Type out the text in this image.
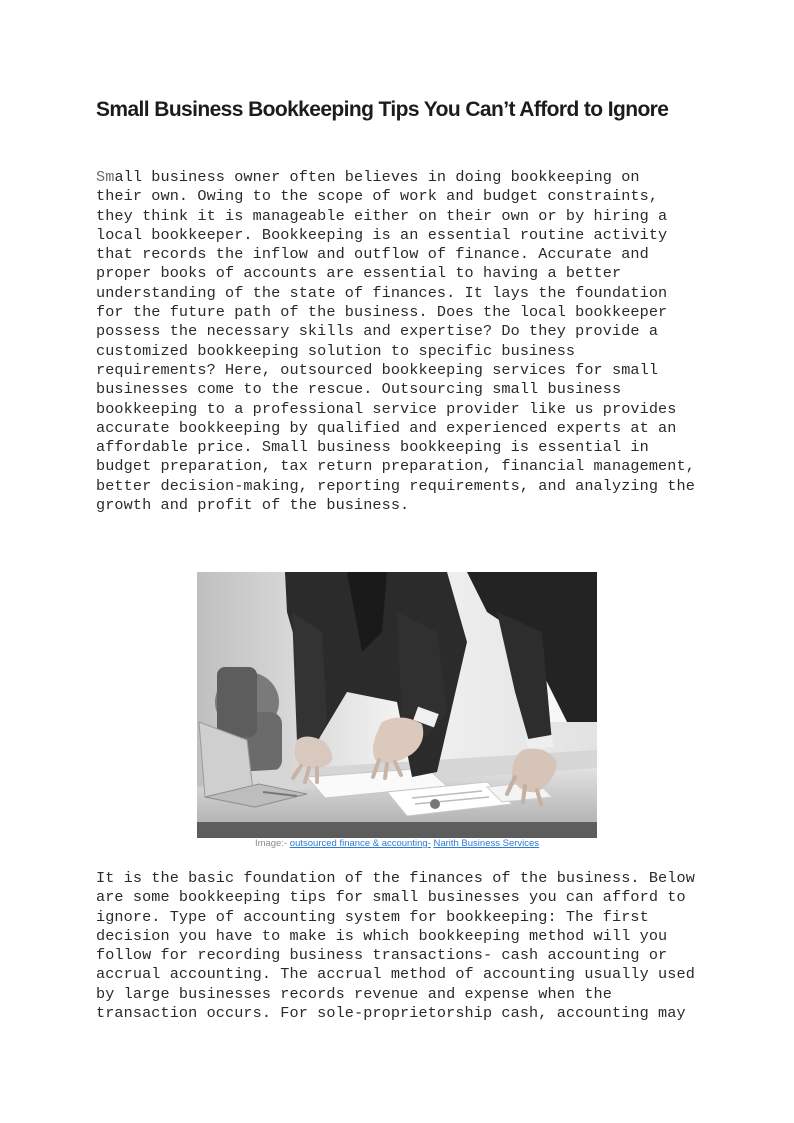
Small Business Bookkeeping Tips You Can’t Afford to Ignore
Small business owner often believes in doing bookkeeping on
their own. Owing to the scope of work and budget constraints,
they think it is manageable either on their own or by hiring a
local bookkeeper. Bookkeeping is an essential routine activity
that records the inflow and outflow of finance. Accurate and
proper books of accounts are essential to having a better
understanding of the state of finances. It lays the foundation
for the future path of the business. Does the local bookkeeper
possess the necessary skills and expertise? Do they provide a
customized bookkeeping solution to specific business
requirements? Here, outsourced bookkeeping services for small
businesses come to the rescue. Outsourcing small business
bookkeeping to a professional service provider like us provides
accurate bookkeeping by qualified and experienced experts at an
affordable price. Small business bookkeeping is essential in
budget preparation, tax return preparation, financial management,
better decision-making, reporting requirements, and analyzing the
growth and profit of the business.
Image:- outsourced finance & accounting- Narith Business Services
It is the basic foundation of the finances of the business. Below
are some bookkeeping tips for small businesses you can afford to
ignore. Type of accounting system for bookkeeping: The first
decision you have to make is which bookkeeping method will you
follow for recording business transactions- cash accounting or
accrual accounting. The accrual method of accounting usually used
by large businesses records revenue and expense when the
transaction occurs. For sole-proprietorship cash, accounting may
